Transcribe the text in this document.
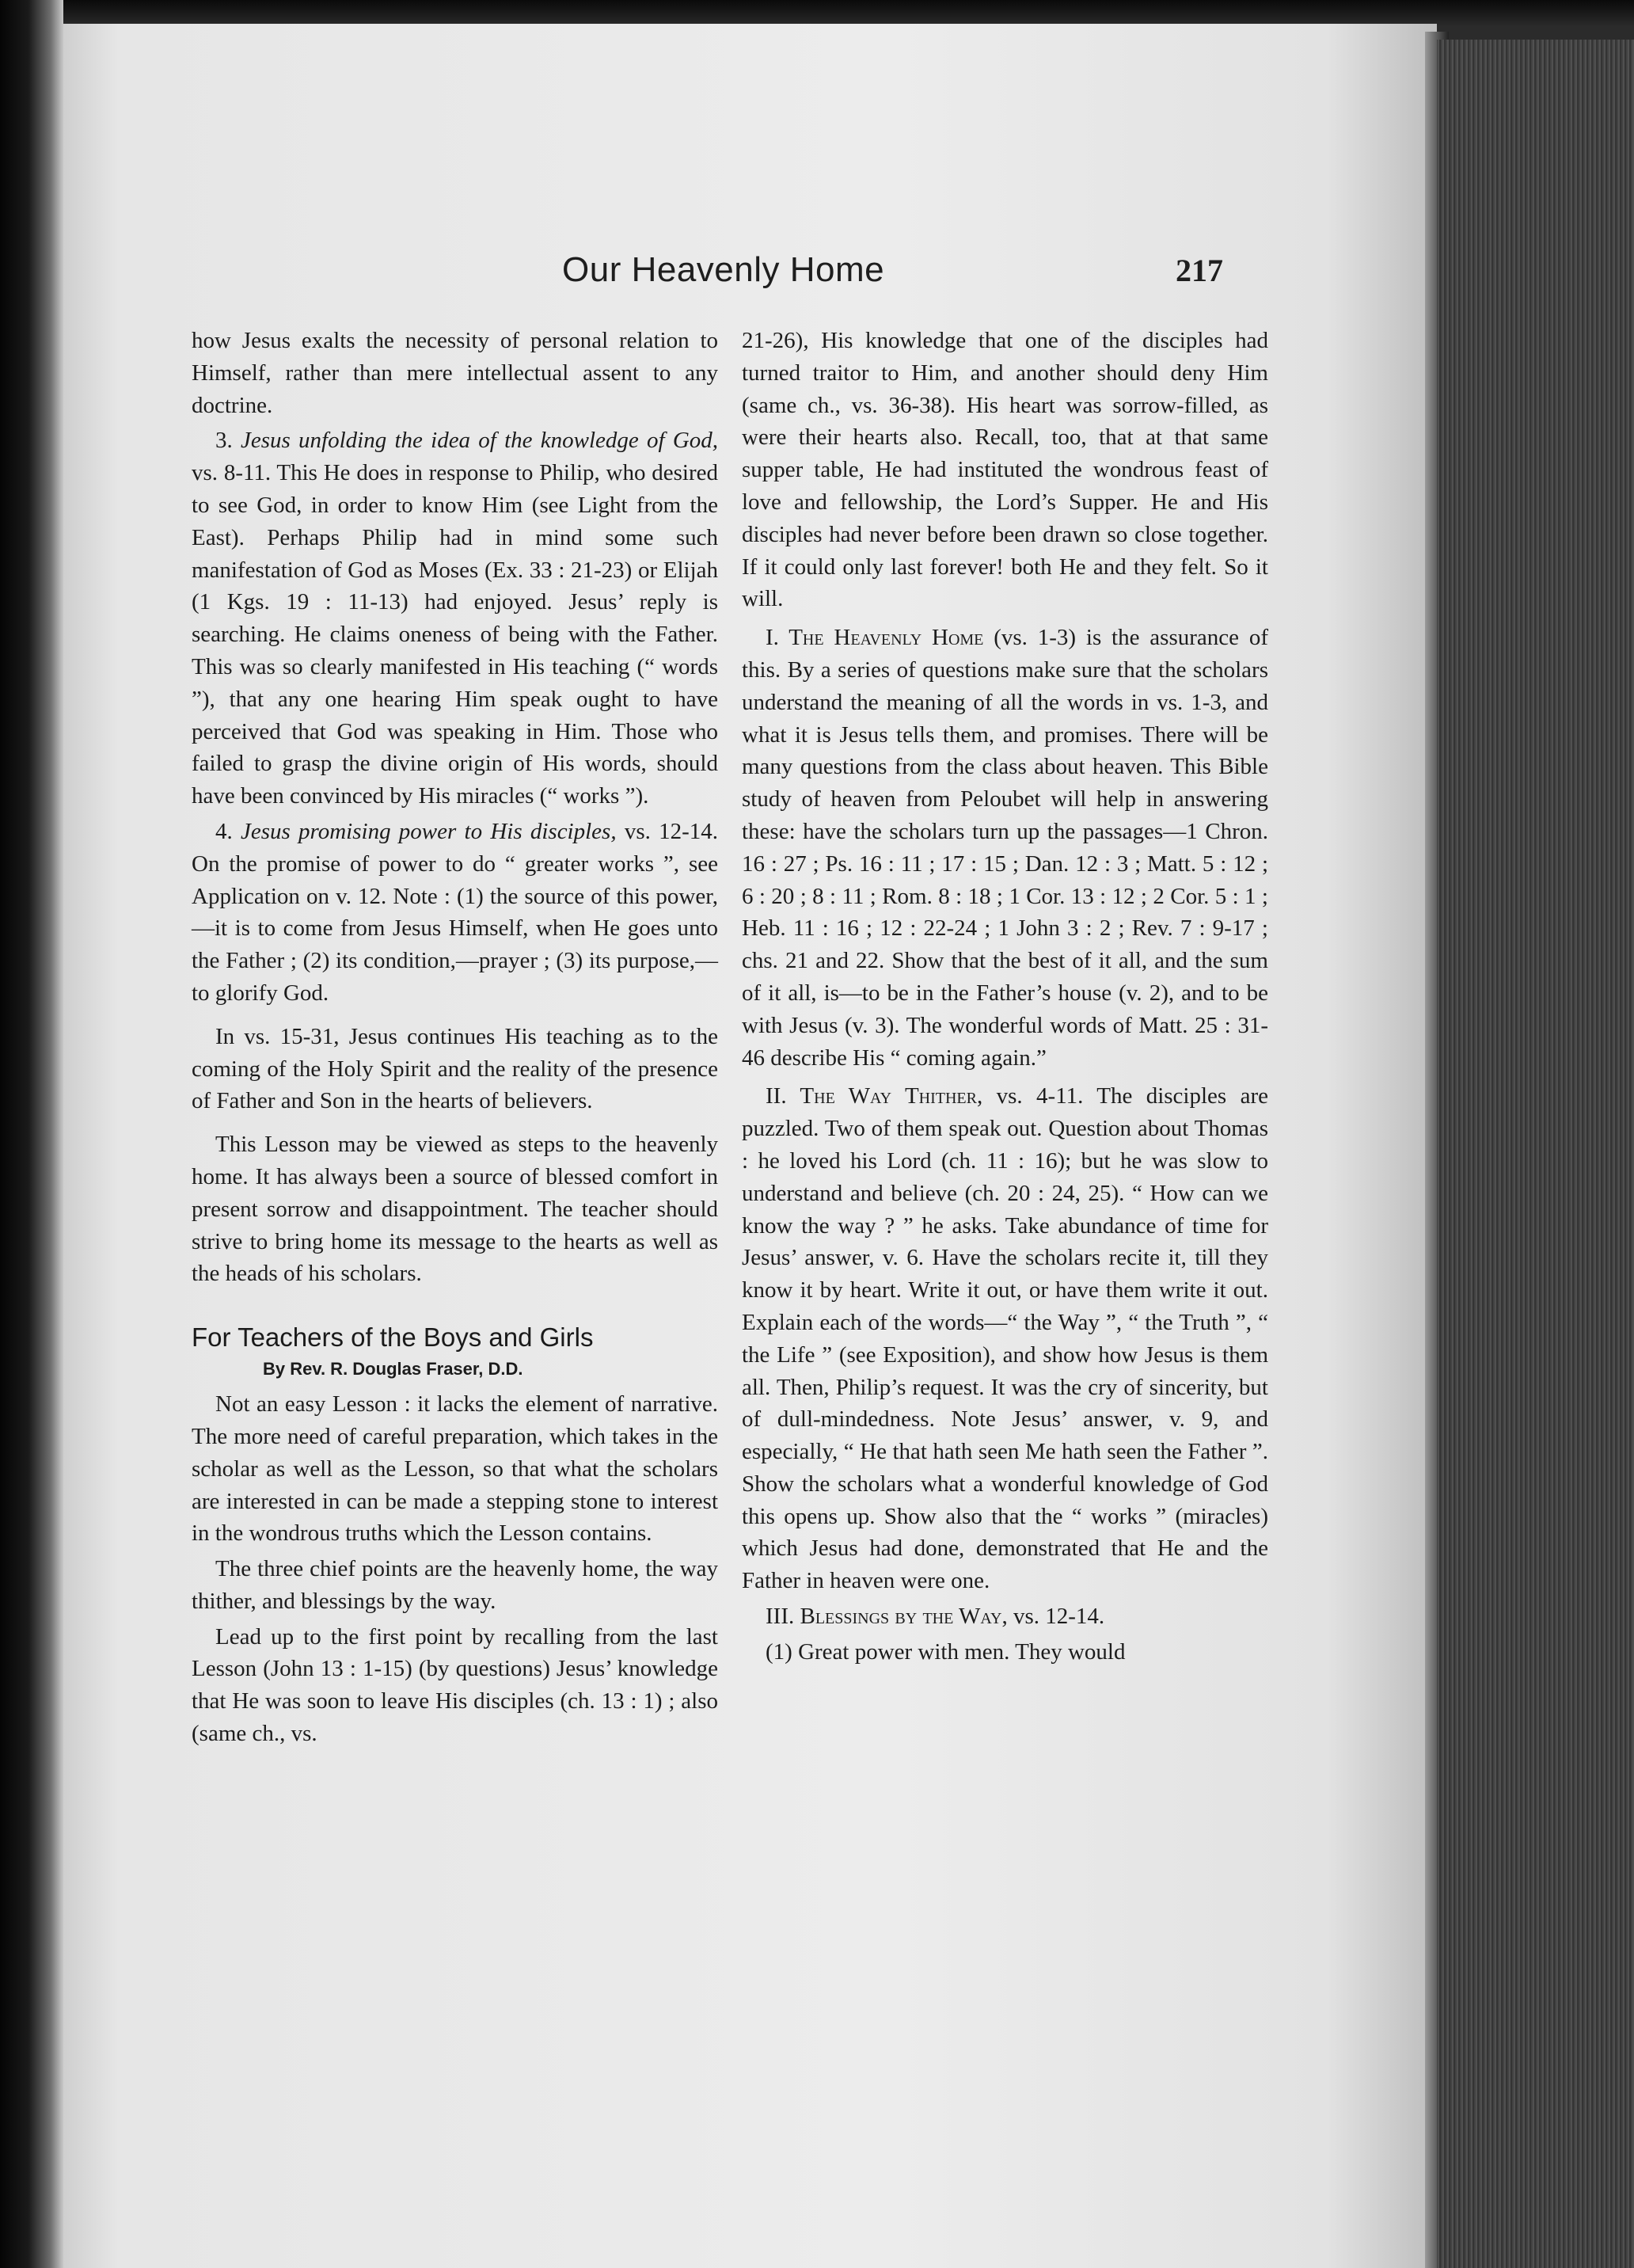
Our Heavenly Home	217

how Jesus exalts the necessity of personal relation to Himself, rather than mere intellectual assent to any doctrine.

3. Jesus unfolding the idea of the knowledge of God, vs. 8-11. This He does in response to Philip, who desired to see God, in order to know Him (see Light from the East). Perhaps Philip had in mind some such manifestation of God as Moses (Ex. 33 : 21-23) or Elijah (1 Kgs. 19 : 11-13) had enjoyed. Jesus’ reply is searching. He claims oneness of being with the Father. This was so clearly manifested in His teaching (“ words ”), that any one hearing Him speak ought to have perceived that God was speaking in Him. Those who failed to grasp the divine origin of His words, should have been convinced by His miracles (“ works ”).

4. Jesus promising power to His disciples, vs. 12-14. On the promise of power to do “ greater works ”, see Application on v. 12. Note : (1) the source of this power,—it is to come from Jesus Himself, when He goes unto the Father ; (2) its condition,—prayer ; (3) its purpose,—to glorify God.

In vs. 15-31, Jesus continues His teaching as to the coming of the Holy Spirit and the reality of the presence of Father and Son in the hearts of believers.

This Lesson may be viewed as steps to the heavenly home. It has always been a source of blessed comfort in present sorrow and disappointment. The teacher should strive to bring home its message to the hearts as well as the heads of his scholars.

For Teachers of the Boys and Girls

By Rev. R. Douglas Fraser, D.D.

Not an easy Lesson : it lacks the element of narrative. The more need of careful preparation, which takes in the scholar as well as the Lesson, so that what the scholars are interested in can be made a stepping stone to interest in the wondrous truths which the Lesson contains.

The three chief points are the heavenly home, the way thither, and blessings by the way.

Lead up to the first point by recalling from the last Lesson (John 13 : 1-15) (by questions) Jesus’ knowledge that He was soon to leave His disciples (ch. 13 : 1) ; also (same ch., vs.

21-26), His knowledge that one of the disciples had turned traitor to Him, and another should deny Him (same ch., vs. 36-38). His heart was sorrow-filled, as were their hearts also. Recall, too, that at that same supper table, He had instituted the wondrous feast of love and fellowship, the Lord’s Supper. He and His disciples had never before been drawn so close together. If it could only last forever! both He and they felt. So it will.

I. The Heavenly Home (vs. 1-3) is the assurance of this. By a series of questions make sure that the scholars understand the meaning of all the words in vs. 1-3, and what it is Jesus tells them, and promises. There will be many questions from the class about heaven. This Bible study of heaven from Peloubet will help in answering these: have the scholars turn up the passages—1 Chron. 16 : 27 ; Ps. 16 : 11 ; 17 : 15 ; Dan. 12 : 3 ; Matt. 5 : 12 ; 6 : 20 ; 8 : 11 ; Rom. 8 : 18 ; 1 Cor. 13 : 12 ; 2 Cor. 5 : 1 ; Heb. 11 : 16 ; 12 : 22-24 ; 1 John 3 : 2 ; Rev. 7 : 9-17 ; chs. 21 and 22. Show that the best of it all, and the sum of it all, is—to be in the Father’s house (v. 2), and to be with Jesus (v. 3). The wonderful words of Matt. 25 : 31-46 describe His “ coming again.”

II. The Way Thither, vs. 4-11. The disciples are puzzled. Two of them speak out. Question about Thomas : he loved his Lord (ch. 11 : 16); but he was slow to understand and believe (ch. 20 : 24, 25). “ How can we know the way ? ” he asks. Take abundance of time for Jesus’ answer, v. 6. Have the scholars recite it, till they know it by heart. Write it out, or have them write it out. Explain each of the words—“ the Way ”, “ the Truth ”, “ the Life ” (see Exposition), and show how Jesus is them all. Then, Philip’s request. It was the cry of sincerity, but of dull-mindedness. Note Jesus’ answer, v. 9, and especially, “ He that hath seen Me hath seen the Father ”. Show the scholars what a wonderful knowledge of God this opens up. Show also that the “ works ” (miracles) which Jesus had done, demonstrated that He and the Father in heaven were one.

III. Blessings by the Way, vs. 12-14.

(1) Great power with men. They would
